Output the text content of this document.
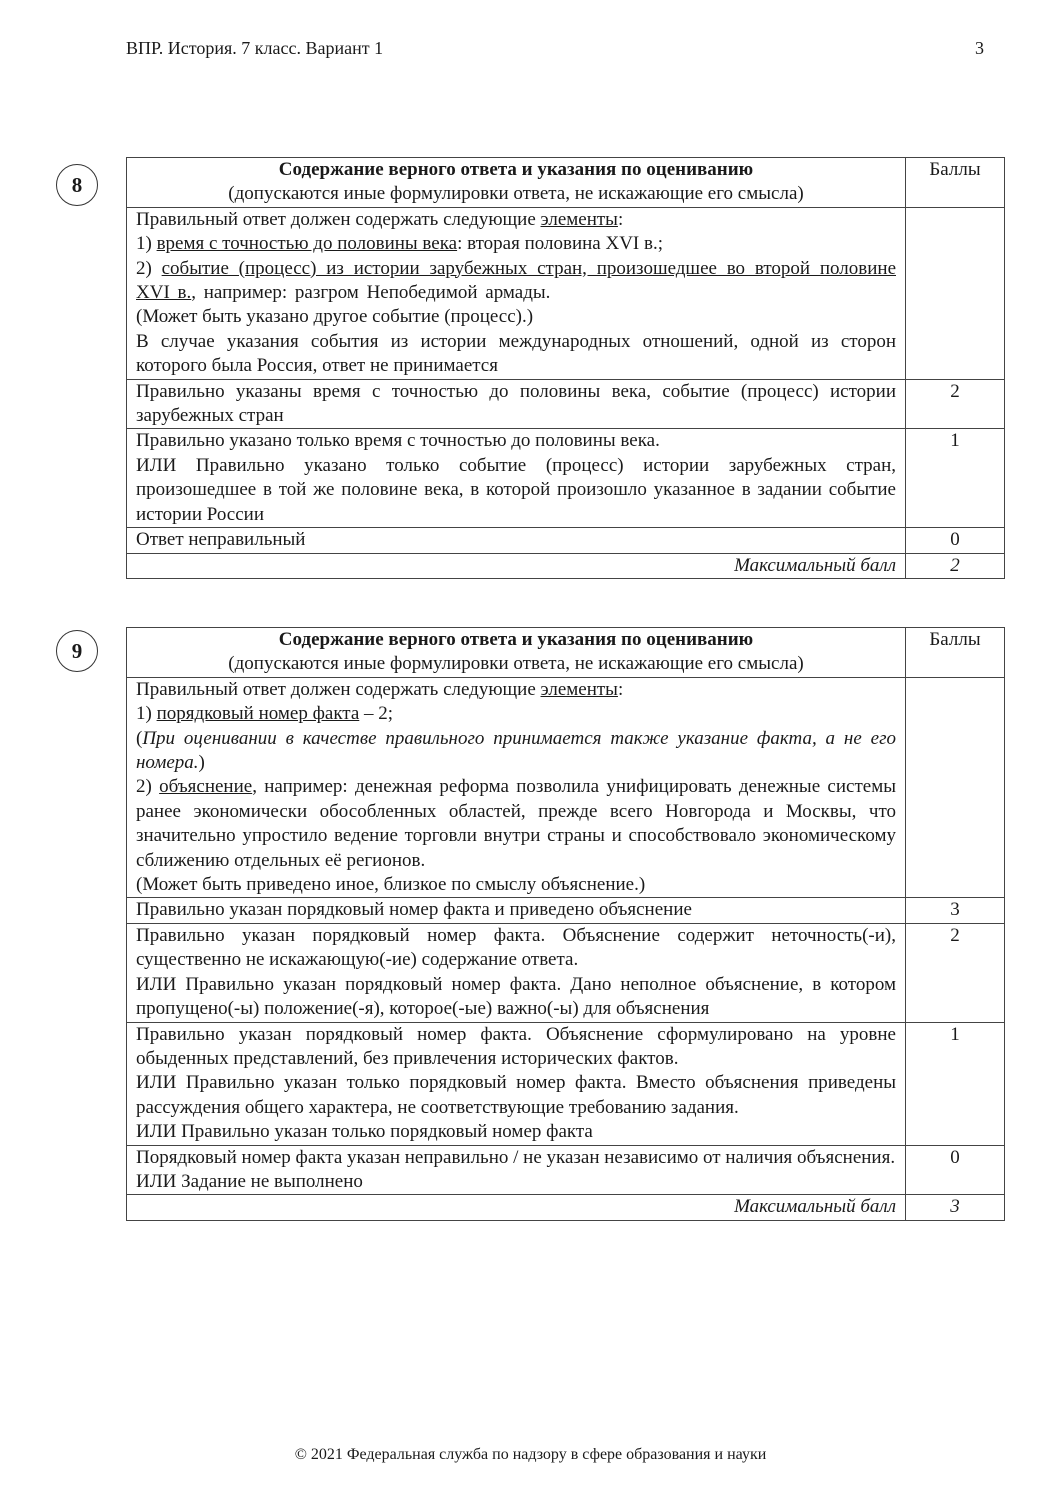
ВПР. История. 7 класс. Вариант 1	3
8
Содержание верного ответа и указания по оцениванию
(допускаются иные формулировки ответа, не искажающие его смысла)	Баллы

Правильный ответ должен содержать следующие элементы:
1) время с точностью до половины века: вторая половина XVI в.;
2) событие (процесс) из истории зарубежных стран, произошедшее во второй половине XVI в., например: разгром Непобедимой армады.
(Может быть указано другое событие (процесс).)
В случае указания события из истории международных отношений, одной из сторон которого была Россия, ответ не принимается	

Правильно указаны время с точностью до половины века, событие (процесс) истории зарубежных стран	2

Правильно указано только время с точностью до половины века.
ИЛИ Правильно указано только событие (процесс) истории зарубежных стран, произошедшее в той же половине века, в которой произошло указанное в задании событие истории России	1
Ответ неправильный	0
Максимальный балл	2
9	Содержание верного ответа и указания по оцениванию
(допускаются иные формулировки ответа, не искажающие его смысла)	Баллы

Правильный ответ должен содержать следующие элементы:
1) порядковый номер факта – 2;
(При оценивании в качестве правильного принимается также указание факта, а не его номера.)
2) объяснение, например: денежная реформа позволила унифицировать денежные системы ранее экономически обособленных областей, прежде всего Новгорода и Москвы, что значительно упростило ведение торговли внутри страны и способствовало экономическому сближению отдельных её регионов.
(Может быть приведено иное, близкое по смыслу объяснение.)	

Правильно указан порядковый номер факта и приведено объяснение	3

Правильно указан порядковый номер факта. Объяснение содержит неточность(-и), существенно не искажающую(-ие) содержание ответа.
ИЛИ Правильно указан порядковый номер факта. Дано неполное объяснение, в котором пропущено(-ы) положение(-я), которое(-ые) важно(-ы) для объяснения	2

Правильно указан порядковый номер факта. Объяснение сформулировано на уровне обыденных представлений, без привлечения исторических фактов.
ИЛИ Правильно указан только порядковый номер факта. Вместо объяснения приведены рассуждения общего характера, не соответствующие требованию задания.
ИЛИ Правильно указан только порядковый номер факта	1

Порядковый номер факта указан неправильно / не указан независимо от наличия объяснения.
ИЛИ Задание не выполнено	0
Максимальный балл	3
© 2021 Федеральная служба по надзору в сфере образования и науки
